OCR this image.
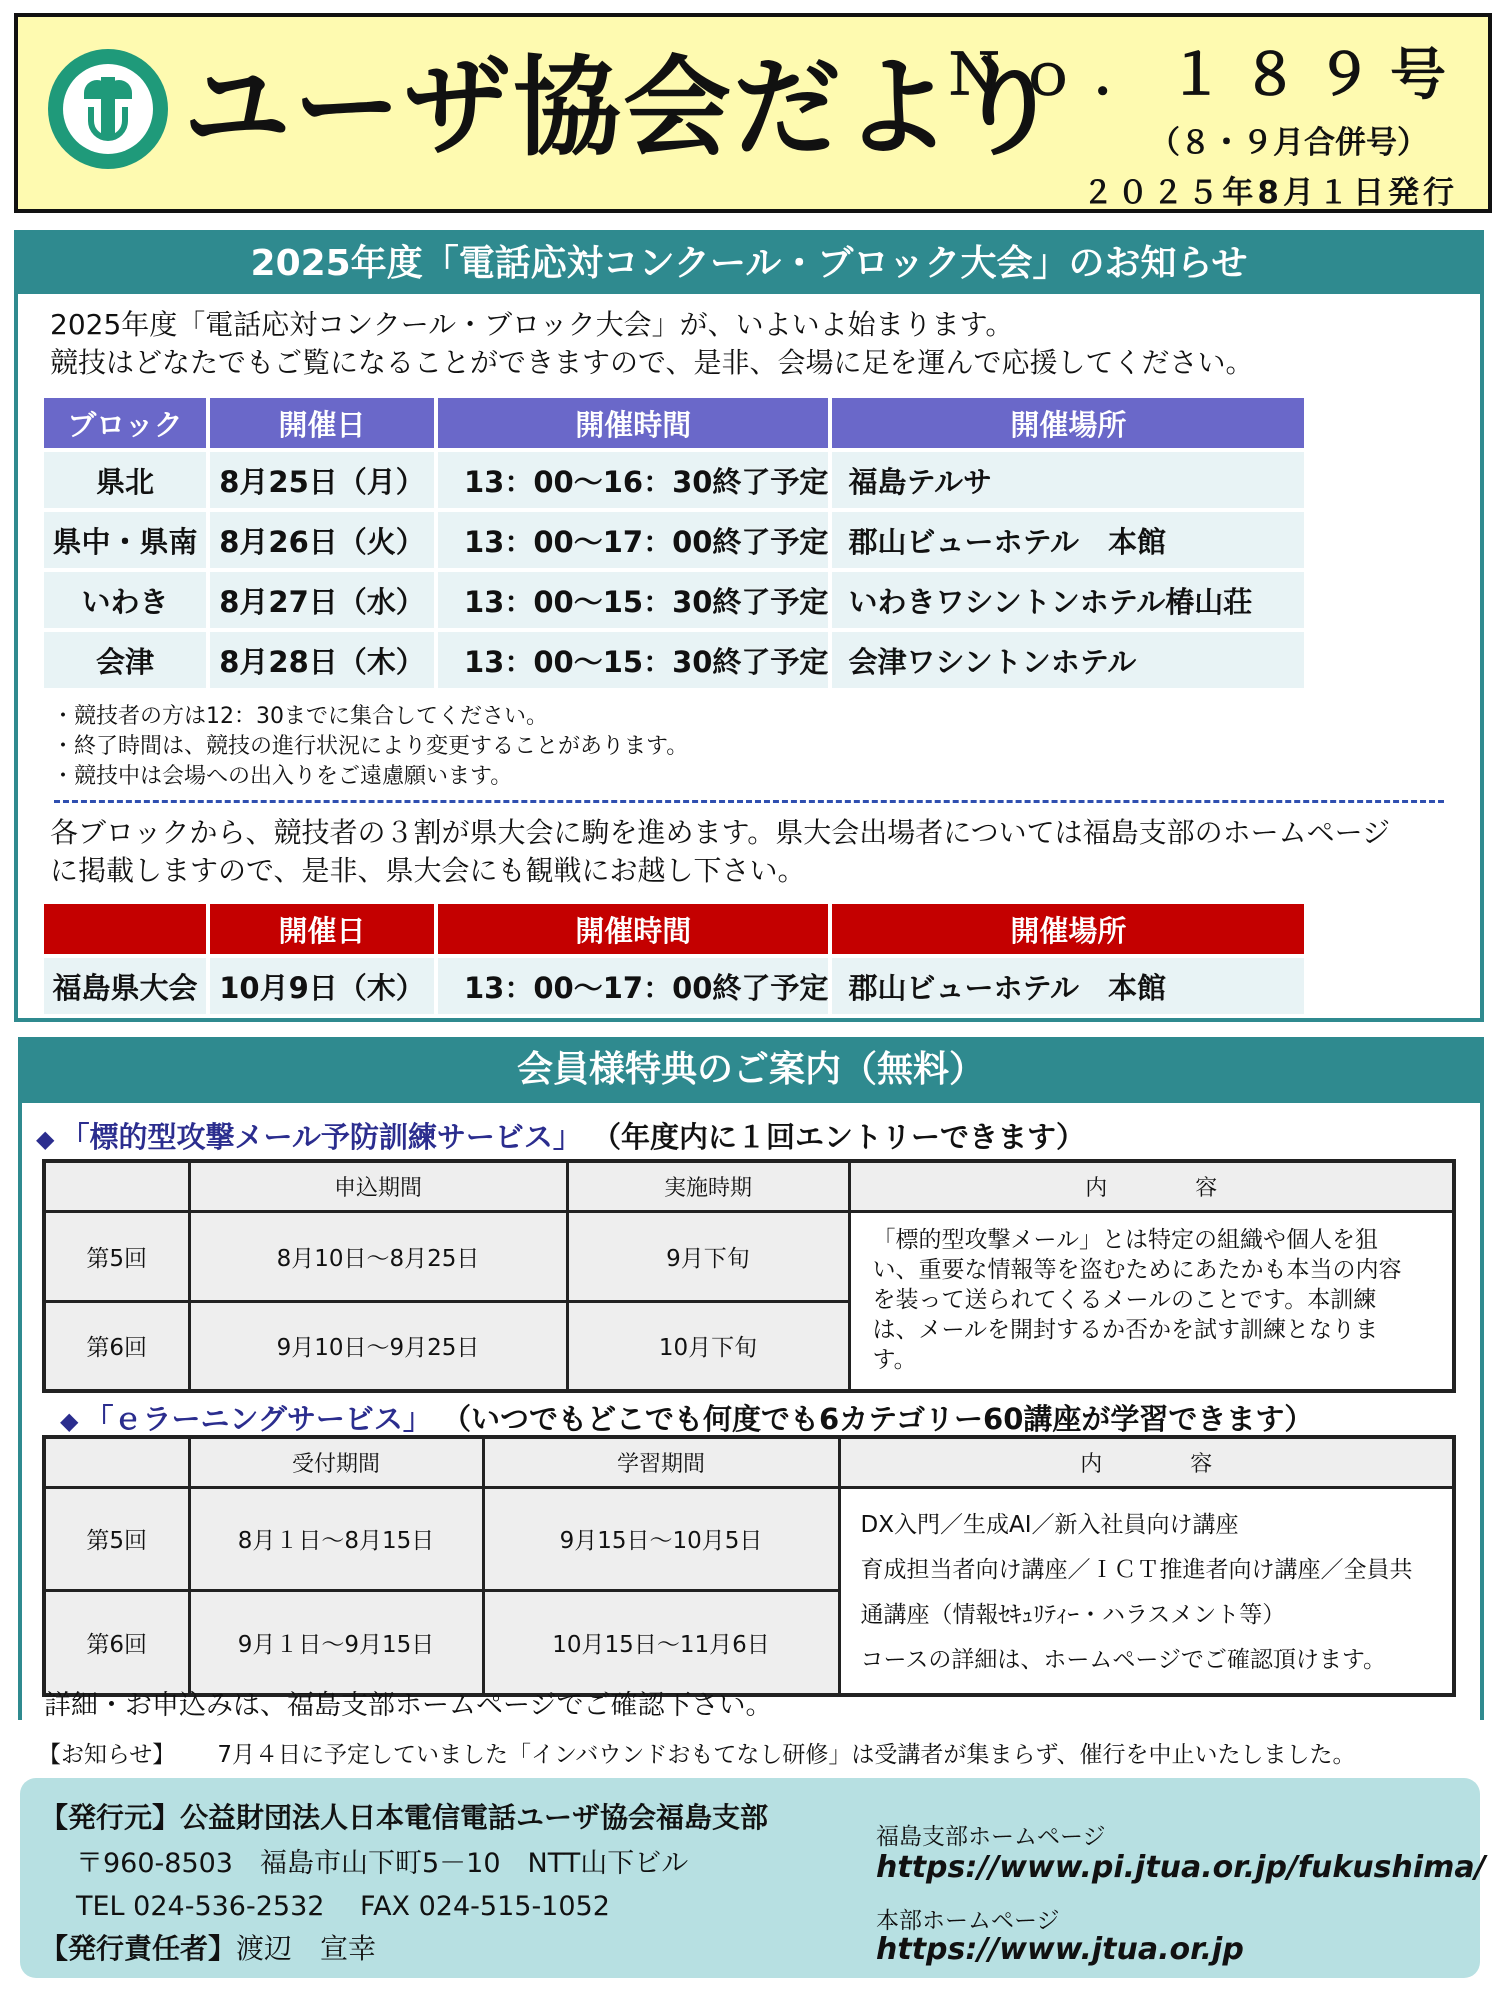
ユーザ協会だより
Ｎｏ．１８９号
（８・９月合併号）
２０２５年8月１日発行
2025年度「電話応対コンクール・ブロック大会」のお知らせ
2025年度「電話応対コンクール・ブロック大会」が、いよいよ始まります。
競技はどなたでもご覧になることができますので、是非、会場に足を運んで応援してください。
ブロック	開催日	開催時間	開催場所
県北	8月25日（月）	13：00～16：30終了予定	福島テルサ
県中・県南	8月26日（火）	13：00～17：00終了予定	郡山ビューホテル　本館
いわき	8月27日（水）	13：00～15：30終了予定	いわきワシントンホテル椿山荘
会津	8月28日（木）	13：00～15：30終了予定	会津ワシントンホテル
・競技者の方は12：30までに集合してください。
・終了時間は、競技の進行状況により変更することがあります。
・競技中は会場への出入りをご遠慮願います。
各ブロックから、競技者の３割が県大会に駒を進めます。県大会出場者については福島支部のホームページ
に掲載しますので、是非、県大会にも観戦にお越し下さい。
	開催日	開催時間	開催場所
福島県大会	10月9日（木）	13：00～17：00終了予定	郡山ビューホテル　本館
会員様特典のご案内（無料）
◆ 「標的型攻撃メール予防訓練サービス」 （年度内に１回エントリーできます）
	申込期間	実施時期	内　　　　容
第5回	8月10日～8月25日	9月下旬	「標的型攻撃メール」とは特定の組織や個人を狙い、重要な情報等を盗むためにあたかも本当の内容を装って送られてくるメールのことです。本訓練は、メールを開封するか否かを試す訓練となります。
第6回	9月10日～9月25日	10月下旬	
◆ 「ｅラーニングサービス」 （いつでもどこでも何度でも6カテゴリー60講座が学習できます）
	受付期間	学習期間	内　　　　容
第5回	8月１日～8月15日	9月15日～10月5日	DX入門／生成AI／新入社員向け講座
育成担当者向け講座／ＩＣＴ推進者向け講座／全員共通講座（情報ｾｷｭﾘﾃｨｰ・ハラスメント等）
コースの詳細は、ホームページでご確認頂けます。

第6回	9月１日～9月15日	10月15日～11月6日	
詳細・お申込みは、福島支部ホームページでご確認下さい。
【お知らせ】 7月４日に予定していました「インバウンドおもてなし研修」は受講者が集まらず、催行を中止いたしました。
【発行元】公益財団法人日本電信電話ユーザ協会福島支部
〒960-8503　福島市山下町5－10　NTT山下ビル
TEL 024-536-2532　 FAX 024-515-1052
【発行責任者】渡辺　宣幸
福島支部ホームページ
https://www.pi.jtua.or.jp/fukushima/
本部ホームページ
https://www.jtua.or.jp
